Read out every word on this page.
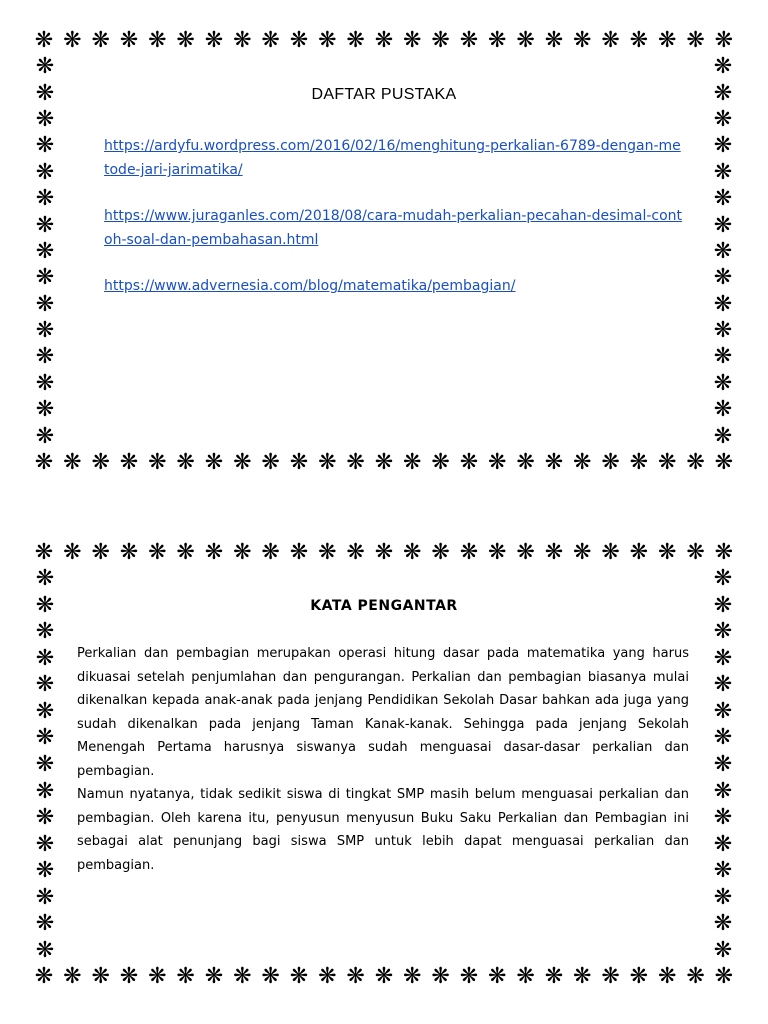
❋ ❋ ❋ ❋ ❋ ❋ ❋ ❋ ❋ ❋ ❋ ❋ ❋ ❋ ❋ ❋ ❋ ❋ ❋ ❋ ❋ ❋ ❋ ❋ ❋
❋
❋
❋
❋
❋
❋
❋
❋
❋
❋
❋
❋
❋
❋
❋
❋
❋
❋
❋
❋
❋
❋
❋
❋
❋
❋
❋
❋
❋
❋
❋ ❋ ❋ ❋ ❋ ❋ ❋ ❋ ❋ ❋ ❋ ❋ ❋ ❋ ❋ ❋ ❋ ❋ ❋ ❋ ❋ ❋ ❋ ❋ ❋
DAFTAR PUSTAKA
https://ardyfu.wordpress.com/2016/02/16/menghitung-perkalian-6789-dengan-metode-jari-jarimatika/
https://www.juraganles.com/2018/08/cara-mudah-perkalian-pecahan-desimal-contoh-soal-dan-pembahasan.html
https://www.advernesia.com/blog/matematika/pembagian/
❋ ❋ ❋ ❋ ❋ ❋ ❋ ❋ ❋ ❋ ❋ ❋ ❋ ❋ ❋ ❋ ❋ ❋ ❋ ❋ ❋ ❋ ❋ ❋ ❋
❋
❋
❋
❋
❋
❋
❋
❋
❋
❋
❋
❋
❋
❋
❋
❋
❋
❋
❋
❋
❋
❋
❋
❋
❋
❋
❋
❋
❋
❋
❋ ❋ ❋ ❋ ❋ ❋ ❋ ❋ ❋ ❋ ❋ ❋ ❋ ❋ ❋ ❋ ❋ ❋ ❋ ❋ ❋ ❋ ❋ ❋ ❋
KATA PENGANTAR
Perkalian dan pembagian merupakan operasi hitung dasar pada matematika yang harus dikuasai setelah penjumlahan dan pengurangan. Perkalian dan pembagian biasanya mulai dikenalkan kepada anak-anak pada jenjang Pendidikan Sekolah Dasar bahkan ada juga yang sudah dikenalkan pada jenjang Taman Kanak-kanak. Sehingga pada jenjang Sekolah Menengah Pertama harusnya siswanya sudah menguasai dasar-dasar perkalian dan pembagian.
Namun nyatanya, tidak sedikit siswa di tingkat SMP masih belum menguasai perkalian dan pembagian. Oleh karena itu, penyusun menyusun Buku Saku Perkalian dan Pembagian ini sebagai alat penunjang bagi siswa SMP untuk lebih dapat menguasai perkalian dan pembagian.
